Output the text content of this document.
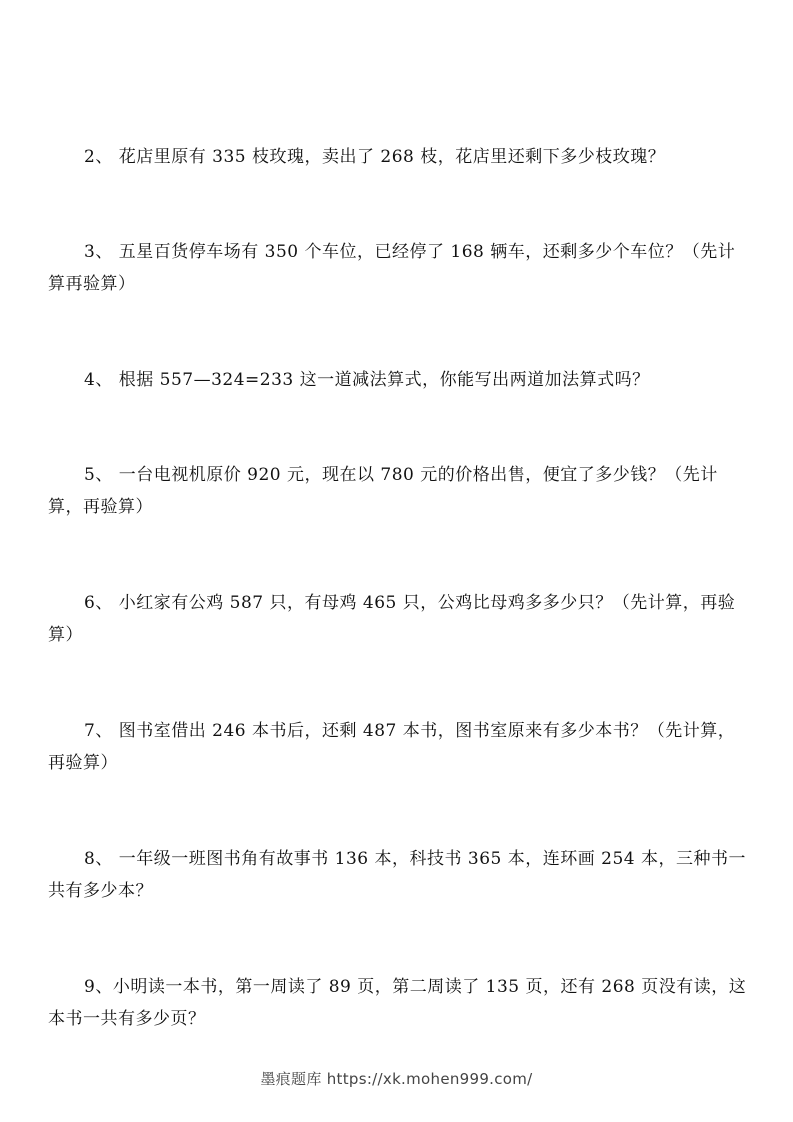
2、 花店里原有 335 枝玫瑰，卖出了 268 枝，花店里还剩下多少枝玫瑰？

3、 五星百货停车场有 350 个车位，已经停了 168 辆车，还剩多少个车位？（先计算再验算）

4、 根据 557—324=233 这一道减法算式，你能写出两道加法算式吗？

5、 一台电视机原价 920 元，现在以 780 元的价格出售，便宜了多少钱？（先计算，再验算）

6、 小红家有公鸡 587 只，有母鸡 465 只，公鸡比母鸡多多少只？（先计算，再验算）

7、 图书室借出 246 本书后，还剩 487 本书，图书室原来有多少本书？（先计算，再验算）

8、 一年级一班图书角有故事书 136 本，科技书 365 本，连环画 254 本，三种书一共有多少本？

9、小明读一本书，第一周读了 89 页，第二周读了 135 页，还有 268 页没有读，这本书一共有多少页？

墨痕题库 https://xk.mohen999.com/
